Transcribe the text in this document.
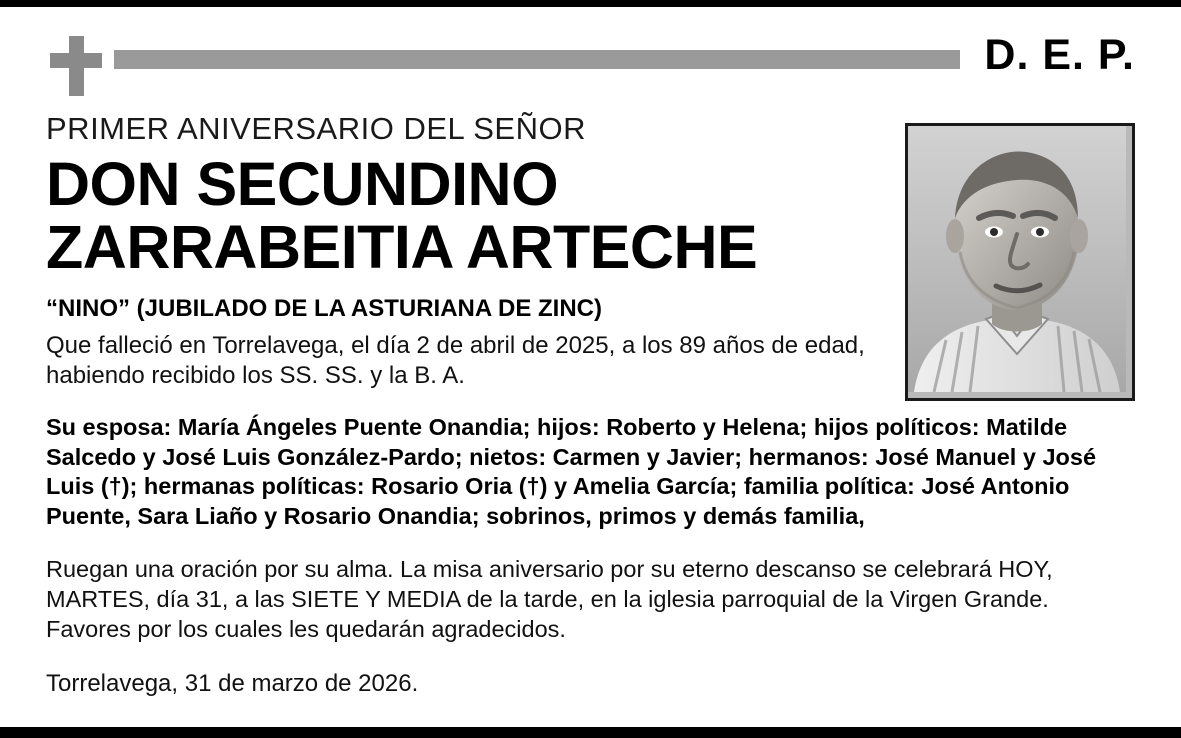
D. E. P.
PRIMER ANIVERSARIO DEL SEÑOR
DON SECUNDINO
ZARRABEITIA ARTECHE
“NINO” (JUBILADO DE LA ASTURIANA DE ZINC)
Que falleció en Torrelavega, el día 2 de abril de 2025, a los 89 años de edad, habiendo recibido los SS. SS. y la B. A.
Su esposa: María Ángeles Puente Onandia; hijos: Roberto y Helena; hijos políticos: Matilde Salcedo y José Luis González-Pardo; nietos: Carmen y Javier; hermanos: José Manuel y José Luis (†); hermanas políticas: Rosario Oria (†) y Amelia García; familia política: José Antonio Puente, Sara Liaño y Rosario Onandia; sobrinos, primos y demás familia,
Ruegan una oración por su alma. La misa aniversario por su eterno descanso se celebrará HOY, MARTES, día 31, a las SIETE Y MEDIA de la tarde, en la iglesia parroquial de la Virgen Grande. Favores por los cuales les quedarán agradecidos.
Torrelavega, 31 de marzo de 2026.
